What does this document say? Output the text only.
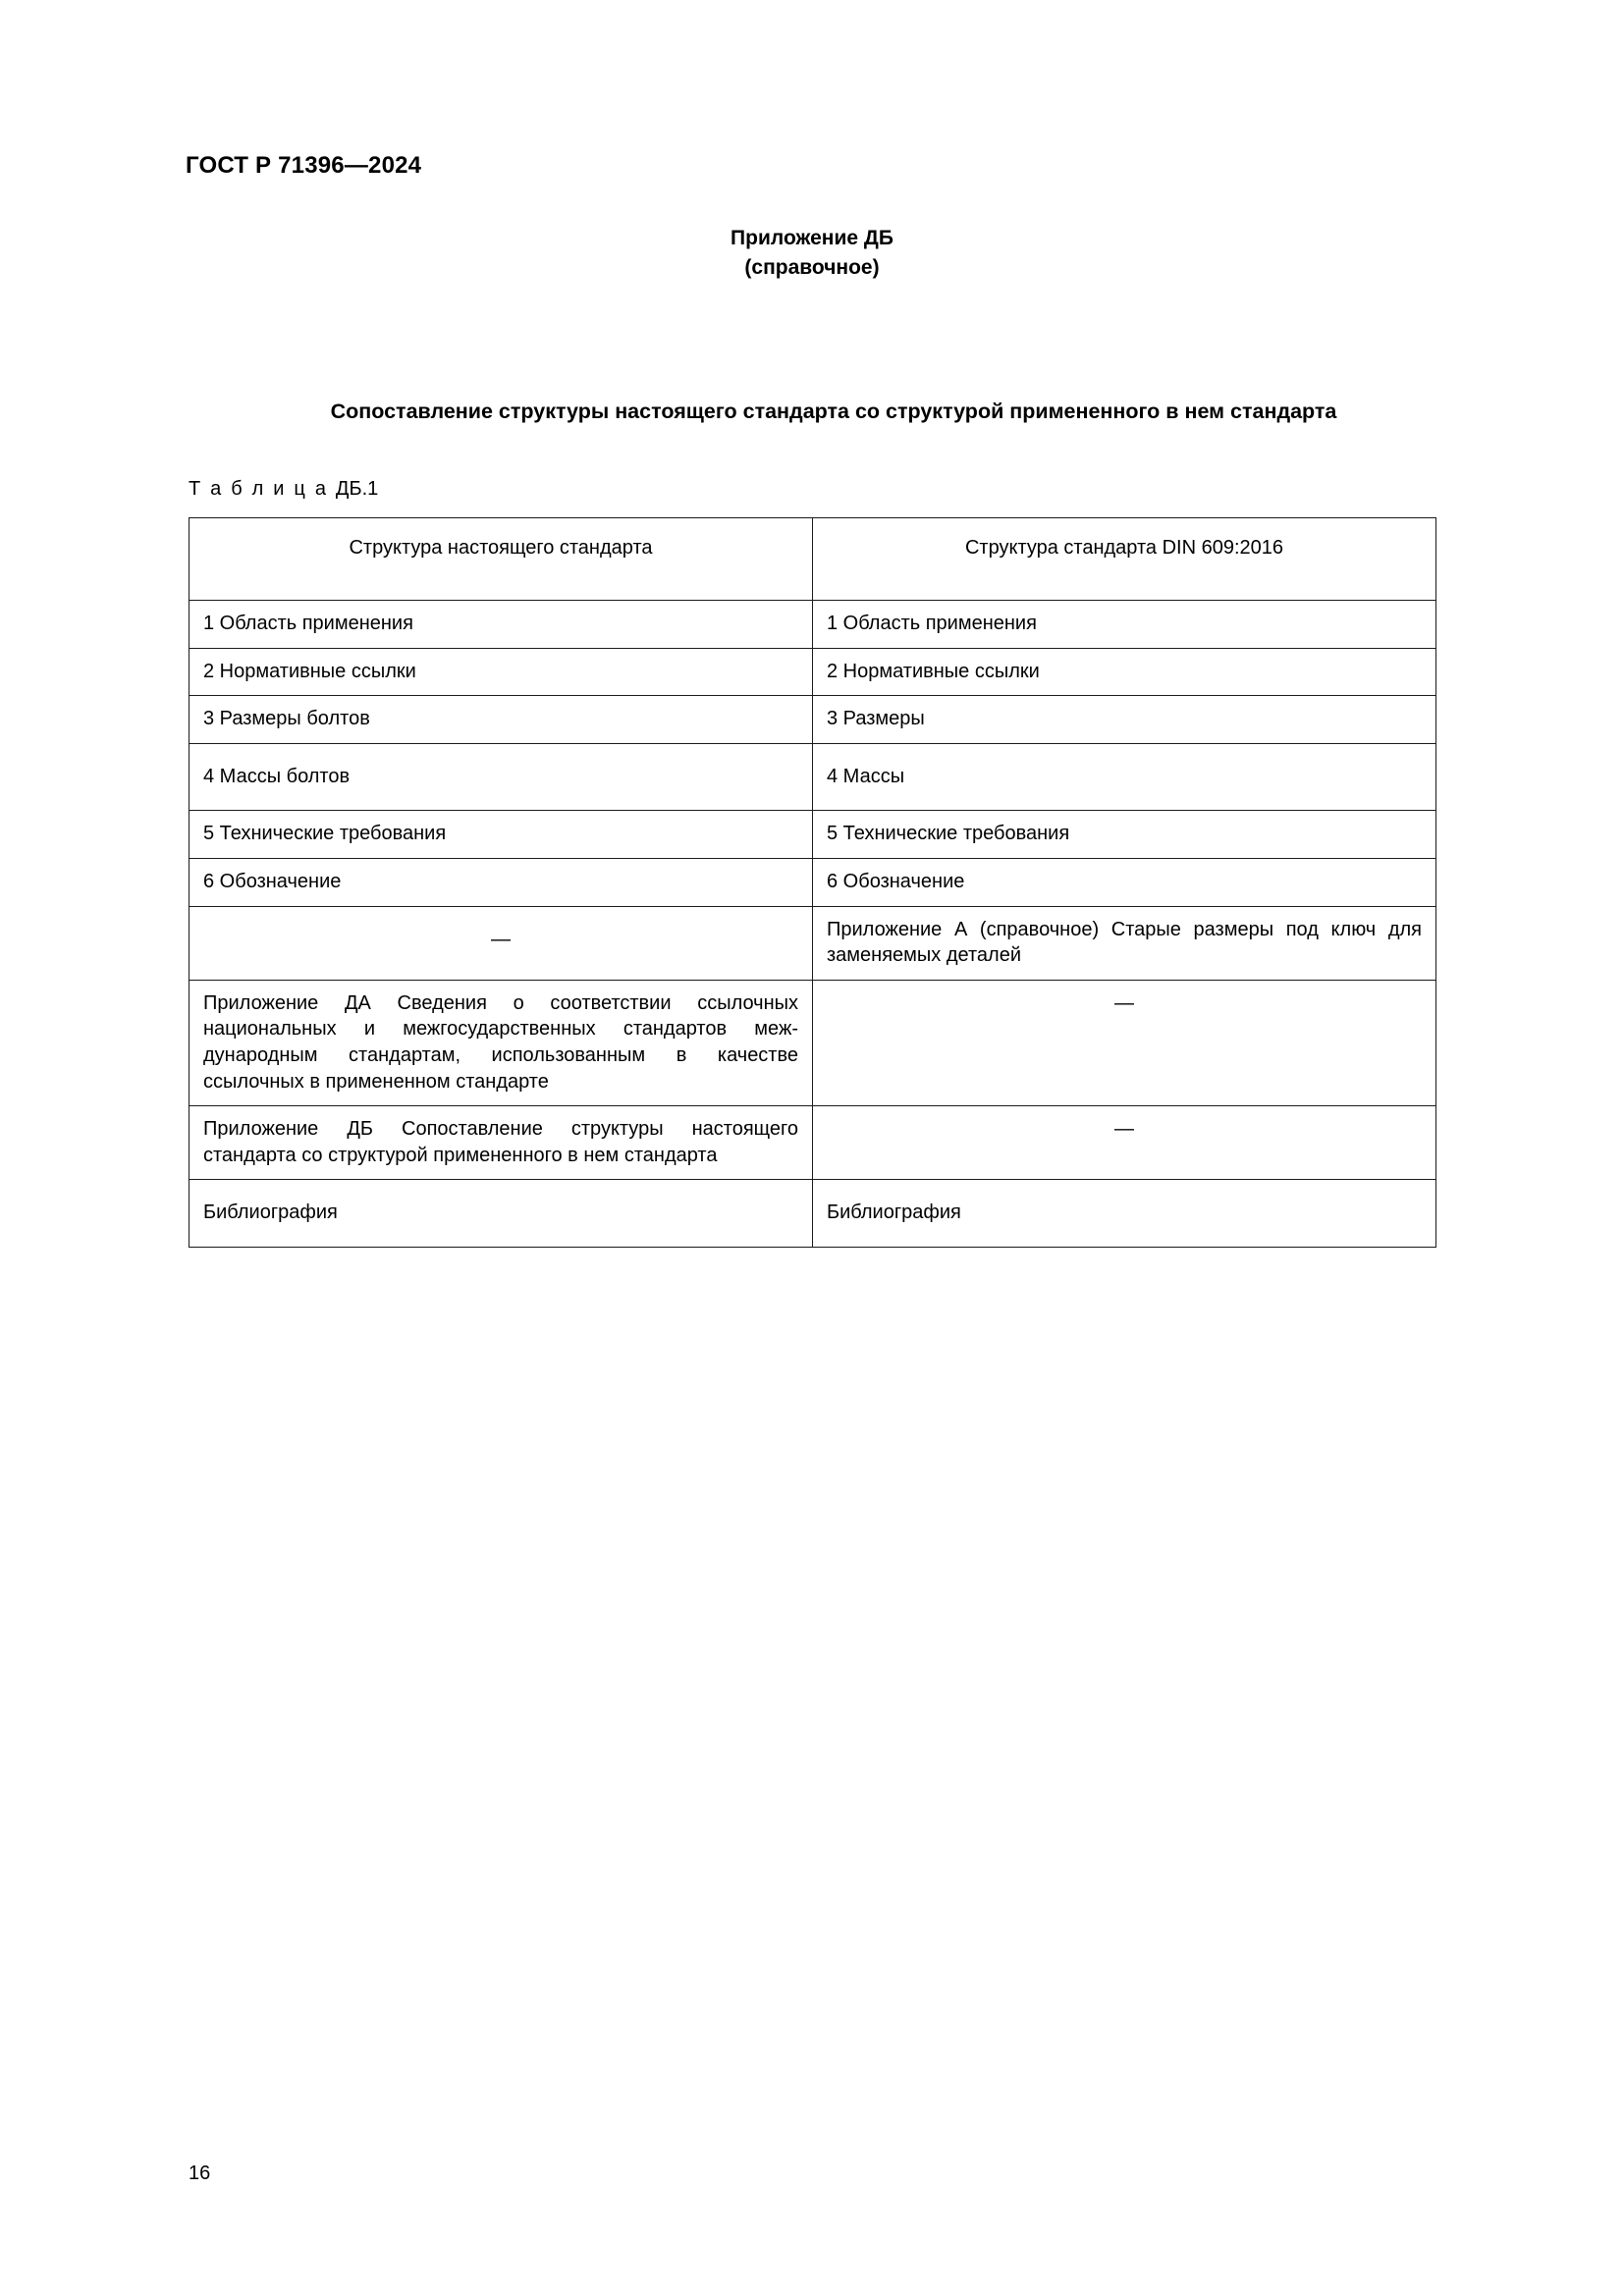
ГОСТ Р 71396—2024
Приложение ДБ
(справочное)
Сопоставление структуры настоящего стандарта со структурой примененного в нем стандарта
Т а б л и ц а ДБ.1
Структура настоящего стандарта	Структура стандарта DIN 609:2016
1 Область применения	1 Область применения
2 Нормативные ссылки	2 Нормативные ссылки
3 Размеры болтов	3 Размеры
4 Массы болтов	4 Массы
5 Технические требования	5 Технические требования
6 Обозначение	6 Обозначение
—	Приложение А (справочное) Старые размеры под ключ для заменяемых деталей
Приложение ДА Сведения о соответствии ссылочных национальных и межгосударственных стандартов меж-дународным стандартам, использованным в качестве ссылочных в примененном стандарте	—
Приложение ДБ Сопоставление структуры настоящего стандарта со структурой примененного в нем стандарта	—
Библиография	Библиография
16
